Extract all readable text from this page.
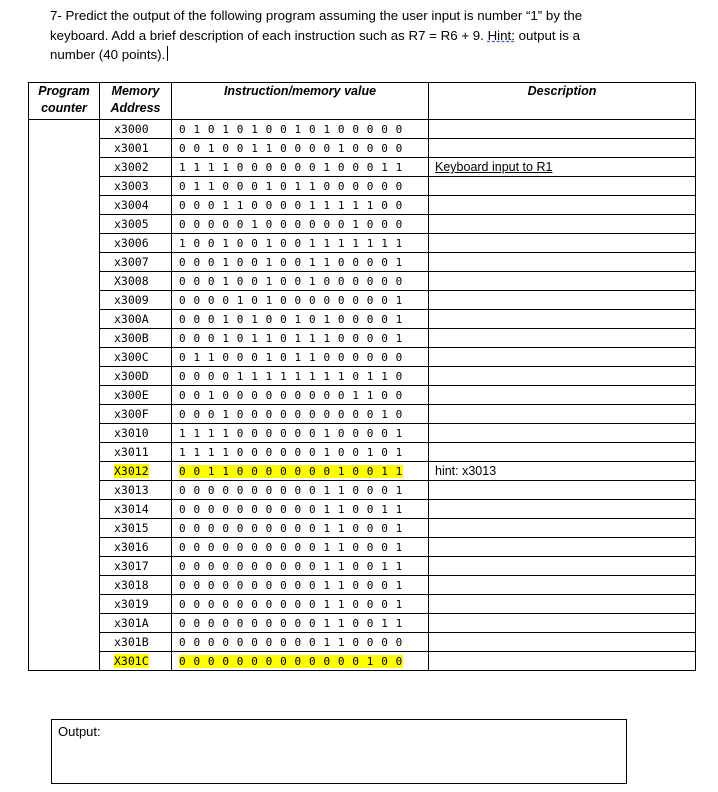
7- Predict the output of the following program assuming the user input is number “1” by the
keyboard. Add a brief description of each instruction such as R7 = R6 + 9. Hint: output is a
number (40 points).
Program
counter	Memory
Address	Instruction/memory value	Description
	x3000	0 1 0 1 0 1 0 0 1 0 1 0 0 0 0 0	
	x3001	0 0 1 0 0 1 1 0 0 0 0 1 0 0 0 0	
	x3002	1 1 1 1 0 0 0 0 0 0 1 0 0 0 1 1	Keyboard input to R1
	x3003	0 1 1 0 0 0 1 0 1 1 0 0 0 0 0 0	
	x3004	0 0 0 1 1 0 0 0 0 1 1 1 1 1 0 0	
	x3005	0 0 0 0 0 1 0 0 0 0 0 0 1 0 0 0	
	x3006	1 0 0 1 0 0 1 0 0 1 1 1 1 1 1 1	
	x3007	0 0 0 1 0 0 1 0 0 1 1 0 0 0 0 1	
	X3008	0 0 0 1 0 0 1 0 0 1 0 0 0 0 0 0	
	x3009	0 0 0 0 1 0 1 0 0 0 0 0 0 0 0 1	
	x300A	0 0 0 1 0 1 0 0 1 0 1 0 0 0 0 1	
	x300B	0 0 0 1 0 1 1 0 1 1 1 0 0 0 0 1	
	x300C	0 1 1 0 0 0 1 0 1 1 0 0 0 0 0 0	
	x300D	0 0 0 0 1 1 1 1 1 1 1 1 0 1 1 0	
	x300E	0 0 1 0 0 0 0 0 0 0 0 0 1 1 0 0	
	x300F	0 0 0 1 0 0 0 0 0 0 0 0 0 0 1 0	
	x3010	1 1 1 1 0 0 0 0 0 0 1 0 0 0 0 1	
	x3011	1 1 1 1 0 0 0 0 0 0 1 0 0 1 0 1	
	X3012	0 0 1 1 0 0 0 0 0 0 0 1 0 0 1 1	hint: x3013
	x3013	0 0 0 0 0 0 0 0 0 0 1 1 0 0 0 1	
	x3014	0 0 0 0 0 0 0 0 0 0 1 1 0 0 1 1	
	x3015	0 0 0 0 0 0 0 0 0 0 1 1 0 0 0 1	
	x3016	0 0 0 0 0 0 0 0 0 0 1 1 0 0 0 1	
	x3017	0 0 0 0 0 0 0 0 0 0 1 1 0 0 1 1	
	x3018	0 0 0 0 0 0 0 0 0 0 1 1 0 0 0 1	
	x3019	0 0 0 0 0 0 0 0 0 0 1 1 0 0 0 1	
	x301A	0 0 0 0 0 0 0 0 0 0 1 1 0 0 1 1	
	x301B	0 0 0 0 0 0 0 0 0 0 1 1 0 0 0 0	
	X301C	0 0 0 0 0 0 0 0 0 0 0 0 0 1 0 0	
Output:
